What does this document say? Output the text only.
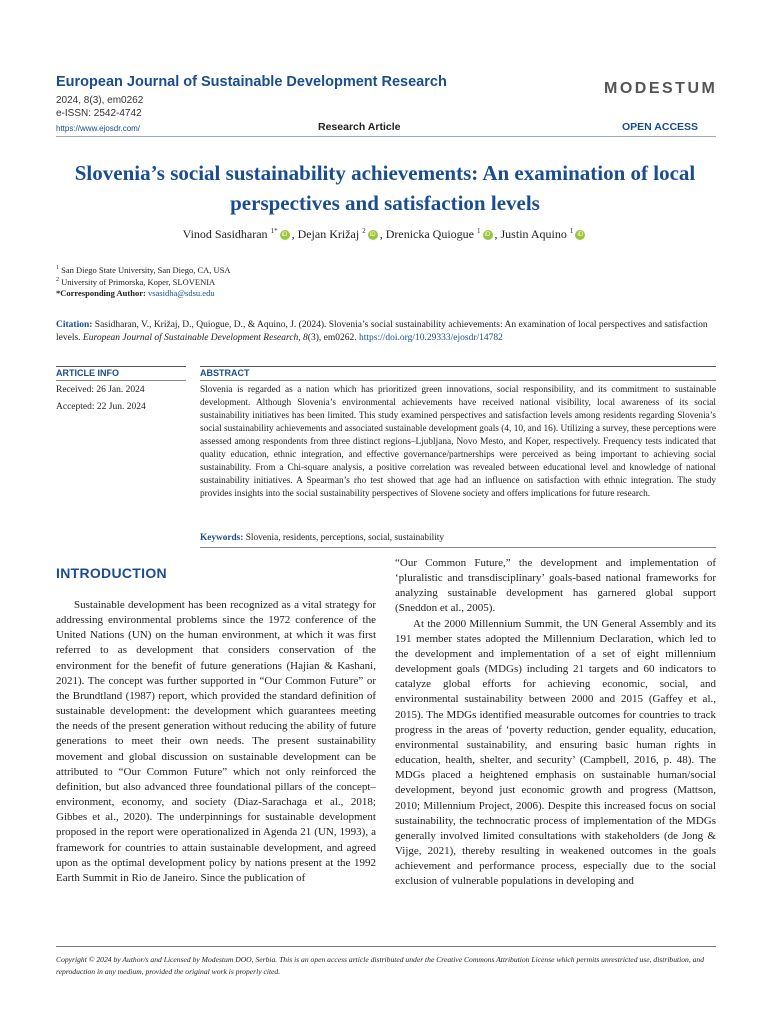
European Journal of Sustainable Development Research
2024, 8(3), em0262
e-ISSN: 2542-4742
https://www.ejosdr.com/
MODESTUM
Research Article	OPEN ACCESS
Slovenia’s social sustainability achievements: An examination of local perspectives and satisfaction levels
Vinod Sasidharan $^{1*}$iD , Dejan Križaj $^2$iD , Drenicka Quiogue $^1$iD , Justin Aquino $^1$iD
$^1$ San Diego State University, San Diego, CA, USA
$^2$ University of Primorska, Koper, SLOVENIA
*Corresponding Author: vsasidha@sdsu.edu
Citation: Sasidharan, V., Križaj, D., Quiogue, D., & Aquino, J. (2024). Slovenia’s social sustainability achievements: An examination of local perspectives and satisfaction levels. European Journal of Sustainable Development Research, 8(3), em0262. https://doi.org/10.29333/ejosdr/14782
ARTICLE INFO	ABSTRACT
Received: 26 Jan. 2024
Accepted: 22 Jun. 2024
Slovenia is regarded as a nation which has prioritized green innovations, social responsibility, and its commitment to sustainable development. Although Slovenia’s environmental achievements have received national visibility, local awareness of its social sustainability initiatives has been limited. This study examined perspectives and satisfaction levels among residents regarding Slovenia’s social sustainability achievements and associated sustainable development goals (4, 10, and 16). Utilizing a survey, these perceptions were assessed among respondents from three distinct regions–Ljubljana, Novo Mesto, and Koper, respectively. Frequency tests indicated that quality education, ethnic integration, and effective governance/partnerships were perceived as being important to achieving social sustainability. From a Chi-square analysis, a positive correlation was revealed between educational level and knowledge of national sustainability initiatives. A Spearman’s rho test showed that age had an influence on satisfaction with ethnic integration. The study provides insights into the social sustainability perspectives of Slovene society and offers implications for future research.
Keywords: Slovenia, residents, perceptions, social, sustainability
INTRODUCTION

Sustainable development has been recognized as a vital strategy for addressing environmental problems since the 1972 conference of the United Nations (UN) on the human environment, at which it was first referred to as development that considers conservation of the environment for the benefit of future generations (Hajian & Kashani, 2021). The concept was further supported in “Our Common Future” or the Brundtland (1987) report, which provided the standard definition of sustainable development: the development which guarantees meeting the needs of the present generation without reducing the ability of future generations to meet their own needs. The present sustainability movement and global discussion on sustainable development can be attributed to “Our Common Future” which not only reinforced the definition, but also advanced three foundational pillars of the concept–environment, economy, and society (Diaz-Sarachaga et al., 2018; Gibbes et al., 2020). The underpinnings for sustainable development proposed in the report were operationalized in Agenda 21 (UN, 1993), a framework for countries to attain sustainable development, and agreed upon as the optimal development policy by nations present at the 1992 Earth Summit in Rio de Janeiro. Since the publication of

“Our Common Future,” the development and implementation of ‘pluralistic and transdisciplinary’ goals-based national frameworks for analyzing sustainable development has garnered global support (Sneddon et al., 2005).

At the 2000 Millennium Summit, the UN General Assembly and its 191 member states adopted the Millennium Declaration, which led to the development and implementation of a set of eight millennium development goals (MDGs) including 21 targets and 60 indicators to catalyze global efforts for achieving economic, social, and environmental sustainability between 2000 and 2015 (Gaffey et al., 2015). The MDGs identified measurable outcomes for countries to track progress in the areas of ‘poverty reduction, gender equality, education, environmental sustainability, and ensuring basic human rights in education, health, shelter, and security’ (Campbell, 2016, p. 48). The MDGs placed a heightened emphasis on sustainable human/social development, beyond just economic growth and progress (Mattson, 2010; Millennium Project, 2006). Despite this increased focus on social sustainability, the technocratic process of implementation of the MDGs generally involved limited consultations with stakeholders (de Jong & Vijge, 2021), thereby resulting in weakened outcomes in the goals achievement and performance process, especially due to the social exclusion of vulnerable populations in developing and

Copyright © 2024 by Author/s and Licensed by Modestum DOO, Serbia. This is an open access article distributed under the Creative Commons Attribution License which permits unrestricted use, distribution, and reproduction in any medium, provided the original work is properly cited.
